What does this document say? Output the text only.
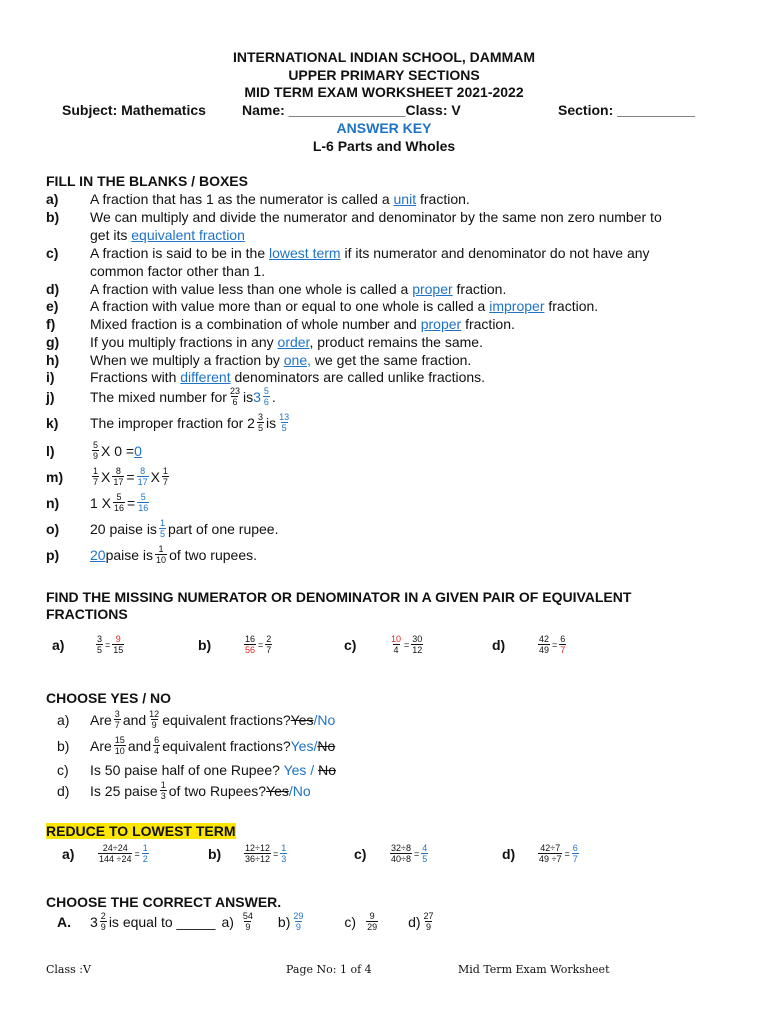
INTERNATIONAL INDIAN SCHOOL, DAMMAM
UPPER PRIMARY SECTIONS
MID TERM EXAM WORKSHEET 2021-2022
Subject: Mathematics	Name: _______________Class: V	Section: __________
ANSWER KEY
L-6 Parts and Wholes
FILL IN THE BLANKS / BOXES
a) A fraction that has 1 as the numerator is called a unit fraction.
b) We can multiply and divide the numerator and denominator by the same non zero number to
get its equivalent fraction
c) A fraction is said to be in the lowest term if its numerator and denominator do not have any
common factor other than 1.
d) A fraction with value less than one whole is called a proper fraction.
e) A fraction with value more than or equal to one whole is called a improper fraction.
f) Mixed fraction is a combination of whole number and proper fraction.
g) If you multiply fractions in any order, product remains the same.
h) When we multiply a fraction by one, we get the same fraction.
i)	Fractions with different denominators are called unlike fractions.
j)	The mixed number for $\frac{23}{6}$ is $3 \frac{5}{6}$ .
k)	The improper fraction for $2 \frac{3}{5}$ is $\frac{13}{5}$
l)	$\frac{5}{9}$ X 0 = 0
m)	$\frac{1}{7}$ X $\frac{8}{17} = \frac{8}{17}$ X $\frac{1}{7}$
n)	1 X $\frac{5}{16} = \frac{5}{16}$
o)	20 paise is $\frac{1}{5}$ part of one rupee.
p)	20 paise is $\frac{1}{10}$ of two rupees.
FIND THE MISSING NUMERATOR OR DENOMINATOR IN A GIVEN PAIR OF EQUIVALENT
FRACTIONS
a)	$\frac{3}{5} = \frac{9}{15}$	b)	$\frac{16}{56} = \frac{2}{7}$	c)	$\frac{10}{4} = \frac{30}{12}$	d)	$\frac{42}{49} = \frac{6}{7}$
CHOOSE YES / NO
a)	Are $\frac{3}{7}$ and $\frac{12}{9}$ equivalent fractions? Yes / No
b)	Are $\frac{15}{10}$ and $\frac{6}{4}$ equivalent fractions? Yes / No
c) Is 50 paise half of one Rupee? Yes / No
d)	Is 25 paise $\frac{1}{3}$ of two Rupees? Yes / No
REDUCE TO LOWEST TERM
a)	$\frac{24\div 24}{144 \div 24} = \frac{1}{2}$	b)	$\frac{12\div 12}{36\div 12} = \frac{1}{3}$	c)	$\frac{32\div 8}{40\div 8} = \frac{4}{5}$	d)	$\frac{42\div 7}{49 \div 7} = \frac{6}{7}$
CHOOSE THE CORRECT ANSWER.
A.	$3 \frac{2}{9}$ is equal to _____ $a) \frac{54}{9} b) \frac{29}{9}$	$c) \frac{9}{29} d) \frac{27}{9}$
Class :V	Page No: 1 of 4	Mid Term Exam Worksheet
